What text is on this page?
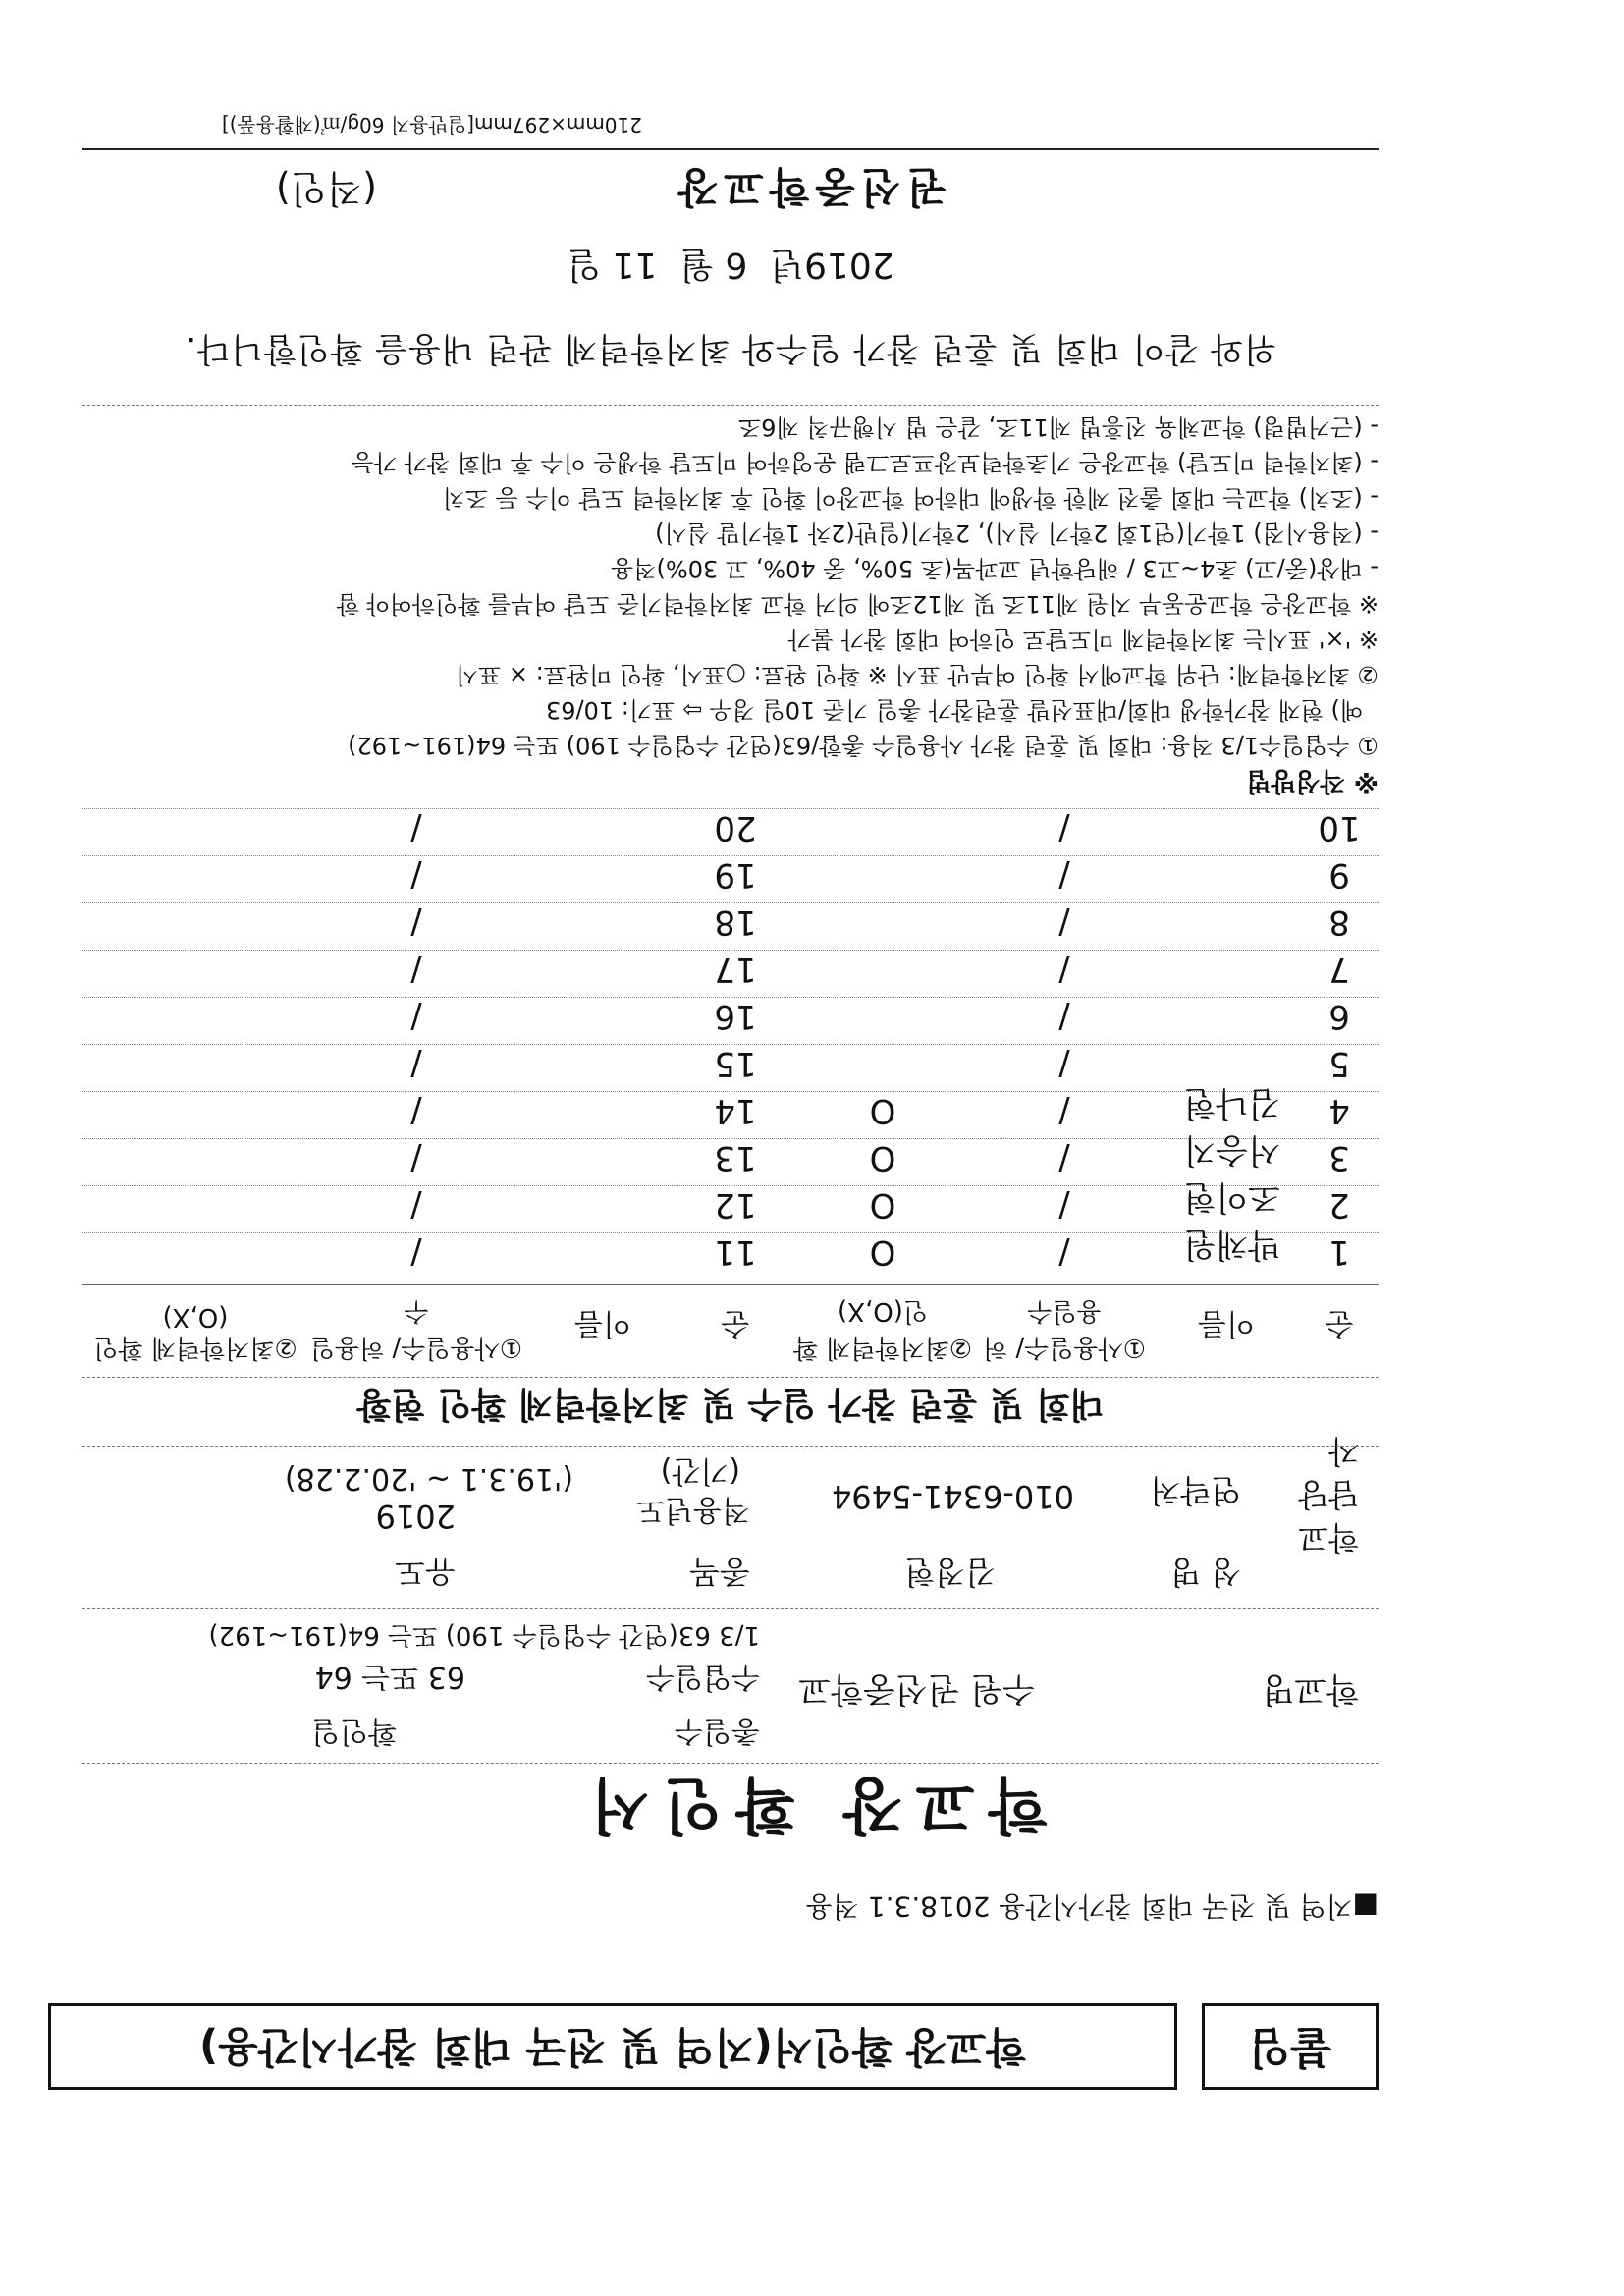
붙임
학교장 확인서(지역 및 전국 대회 참가시간용)
■지역 및 전국 대회 참가시간용 2018.3.1 적용
학교장 확인서
학교명
수원 권선중학교
총일수
수업일수
확인일
63 또는 64
1/3 63(연간 수업일수 190) 또는 64(191~192)
학교담당자
성 명
김정현
종목
유도
연락처
010-6341-5494
적용년도
(기간)
2019
('19.3.1 ~ '20.2.28)
대회 및 훈련 참가 일수 및 최저학력제 확인 현황
순
이름
①사용일수/ 허용일수
②최저학력제 확인(O,X)
순
이름
①사용일수/ 허용일수
②최저학력제 확인(O,X)
1
박채원
/
O
11
/
2
조이현
/
O
12
/
3
서승지
/
O
13
/
4
김나현
/
O
14
/
5
/
15
/
6
/
16
/
7
/
17
/
8
/
18
/
9
/
19
/
10
/
20
/
※ 작성방법
① 수업일수1/3 적용: 대회 및 훈련 참가 사용일수 총합/63(연간 수업일수 190) 또는 64(191~192)
예) 현재 참가학생 대회/대표선발 훈련참가 총일 기준 10일 경우 ⇨ 표기: 10/63
② 최저학력제: 단위 학교에서 확인 여부만 표시 ※ 확인 완료: ○표시, 확인 미완료: × 표시
※ '×' 표시는 최저학력제 미도달로 인하여 대회 참가 불가
※ 학교장은 학교운동부 지원 제11조 및 제12조에 의거 학교 최저학력기준 도달 여부를 확인하여야 함
- 대상(중/고) 초4~고3 / 해당학년 교과목(초 50%, 중 40%, 고 30%)적용
- (적용시점) 1학기(연1회 2학기 실시), 2학기(일반(2차 1학기말 실시)
- (조치) 학교는 대회 출전 제한 학생에 대하여 학교장이 확인 후 최저학력 도달 이수 등 조치
- (최저학력 미도달) 학교장은 기초학력보장프로그램 운영하여 미도달 학생은 이수 후 대회 참가 가능
- (근거법령) 학교체육 진흥법 제11조, 같은 법 시행규칙 제6조
위와 같이 대회 및 훈련 참가 일수와 최저학력제 관련 내용을 확인합니다.
2019년  6 월  11 일
권선중학교장
(직인)
210mm×297mm[일반용지 60g/㎡(재활용품)]
